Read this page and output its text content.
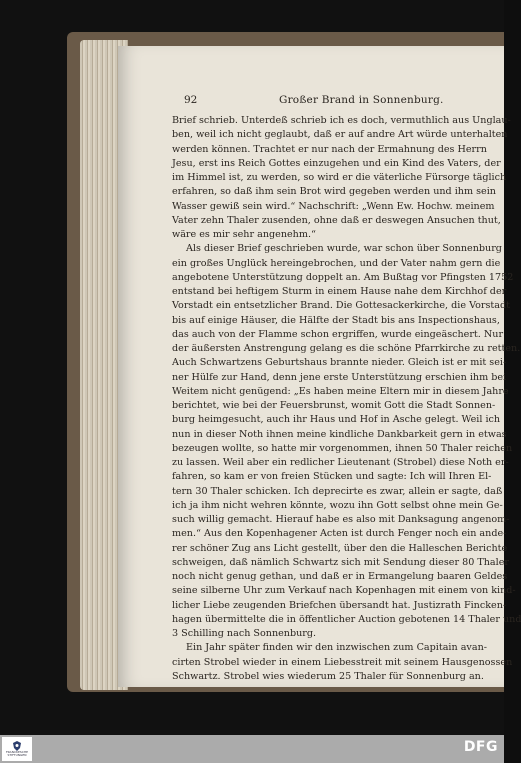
92	Großer Brand in Sonnenburg.
Brief schrieb. Unterdeß schrieb ich es doch, vermuthlich aus Unglau-
ben, weil ich nicht geglaubt, daß er auf andre Art würde unterhalten
werden können. Trachtet er nur nach der Ermahnung des Herrn
Jesu, erst ins Reich Gottes einzugehen und ein Kind des Vaters, der
im Himmel ist, zu werden, so wird er die väterliche Fürsorge täglich
erfahren, so daß ihm sein Brot wird gegeben werden und ihm sein
Wasser gewiß sein wird.“ Nachschrift: „Wenn Ew. Hochw. meinem
Vater zehn Thaler zusenden, ohne daß er deswegen Ansuchen thut,
wäre es mir sehr angenehm.“
Als dieser Brief geschrieben wurde, war schon über Sonnenburg
ein großes Unglück hereingebrochen, und der Vater nahm gern die
angebotene Unterstützung doppelt an. Am Bußtag vor Pfingsten 1752
entstand bei heftigem Sturm in einem Hause nahe dem Kirchhof der
Vorstadt ein entsetzlicher Brand. Die Gottesackerkirche, die Vorstadt
bis auf einige Häuser, die Hälfte der Stadt bis ans Inspectionshaus,
das auch von der Flamme schon ergriffen, wurde eingeäschert. Nur
der äußersten Anstrengung gelang es die schöne Pfarrkirche zu retten.
Auch Schwartzens Geburtshaus brannte nieder. Gleich ist er mit sei-
ner Hülfe zur Hand, denn jene erste Unterstützung erschien ihm bei
Weitem nicht genügend: „Es haben meine Eltern mir in diesem Jahre
berichtet, wie bei der Feuersbrunst, womit Gott die Stadt Sonnen-
burg heimgesucht, auch ihr Haus und Hof in Asche gelegt. Weil ich
nun in dieser Noth ihnen meine kindliche Dankbarkeit gern in etwas
bezeugen wollte, so hatte mir vorgenommen, ihnen 50 Thaler reichen
zu lassen. Weil aber ein redlicher Lieutenant (Strobel) diese Noth er-
fahren, so kam er von freien Stücken und sagte: Ich will Ihren El-
tern 30 Thaler schicken. Ich deprecirte es zwar, allein er sagte, daß
ich ja ihm nicht wehren könnte, wozu ihn Gott selbst ohne mein Ge-
such willig gemacht. Hierauf habe es also mit Danksagung angenom-
men.“ Aus den Kopenhagener Acten ist durch Fenger noch ein ande-
rer schöner Zug ans Licht gestellt, über den die Halleschen Berichte
schweigen, daß nämlich Schwartz sich mit Sendung dieser 80 Thaler
noch nicht genug gethan, und daß er in Ermangelung baaren Geldes
seine silberne Uhr zum Verkauf nach Kopenhagen mit einem von kind-
licher Liebe zeugenden Briefchen übersandt hat. Justizrath Fincken-
hagen übermittelte die in öffentlicher Auction gebotenen 14 Thaler und
3 Schilling nach Sonnenburg.
Ein Jahr später finden wir den inzwischen zum Capitain avan-
cirten Strobel wieder in einem Liebesstreit mit seinem Hausgenossen
Schwartz. Strobel wies wiederum 25 Thaler für Sonnenburg an.
FRANCKESCHE STIFTUNGEN	DFG
